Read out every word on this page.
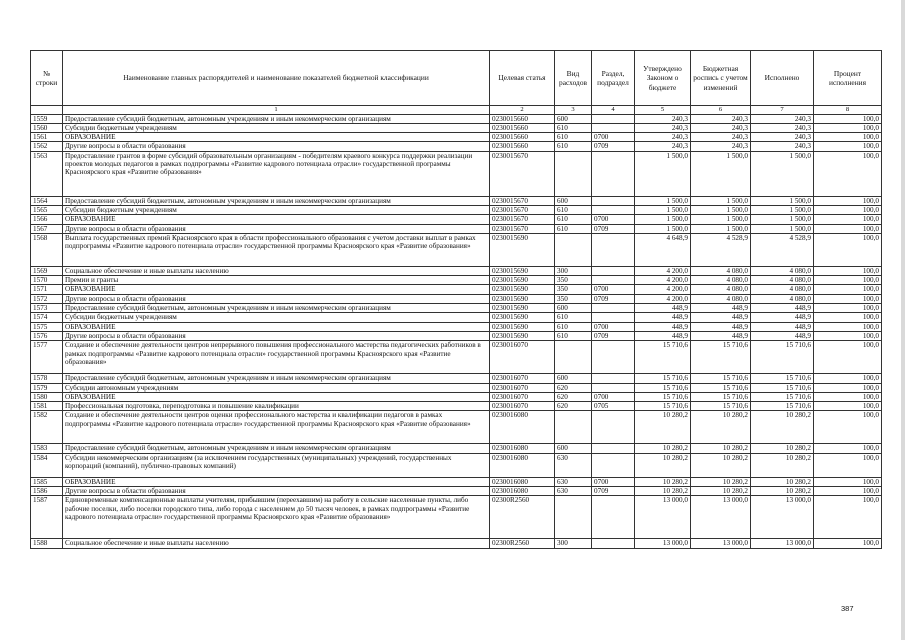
№ строки	Наименование главных распорядителей и наименование показателей бюджетной классификации	Целевая статья	Вид расходов	Раздел, подраздел	Утверждено Законом о бюджете	Бюджетная роспись с учетом изменений	Исполнено	Процент исполнения
	1	2	3	4	5	6	7	8
1559	Предоставление субсидий бюджетным, автономным учреждениям и иным некоммерческим организациям	0230015660	600		240,3	240,3	240,3	100,0
1560	Субсидии бюджетным учреждениям	0230015660	610		240,3	240,3	240,3	100,0
1561	ОБРАЗОВАНИЕ	0230015660	610	0700	240,3	240,3	240,3	100,0
1562	Другие вопросы в области образования	0230015660	610	0709	240,3	240,3	240,3	100,0
1563	Предоставление грантов в форме субсидий образовательным организациям - победителям краевого конкурса поддержки реализации проектов молодых педагогов в рамках подпрограммы «Развитие кадрового потенциала отрасли» государственной программы Красноярского края «Развитие образования»	0230015670			1 500,0	1 500,0	1 500,0	100,0
1564	Предоставление субсидий бюджетным, автономным учреждениям и иным некоммерческим организациям	0230015670	600		1 500,0	1 500,0	1 500,0	100,0
1565	Субсидии бюджетным учреждениям	0230015670	610		1 500,0	1 500,0	1 500,0	100,0
1566	ОБРАЗОВАНИЕ	0230015670	610	0700	1 500,0	1 500,0	1 500,0	100,0
1567	Другие вопросы в области образования	0230015670	610	0709	1 500,0	1 500,0	1 500,0	100,0
1568	Выплата государственных премий Красноярского края в области профессионального образования с учетом доставки выплат в рамках подпрограммы «Развитие кадрового потенциала отрасли» государственной программы Красноярского края «Развитие образования»	0230015690			4 648,9	4 528,9	4 528,9	100,0
1569	Социальное обеспечение и иные выплаты населению	0230015690	300		4 200,0	4 080,0	4 080,0	100,0
1570	Премии и гранты	0230015690	350		4 200,0	4 080,0	4 080,0	100,0
1571	ОБРАЗОВАНИЕ	0230015690	350	0700	4 200,0	4 080,0	4 080,0	100,0
1572	Другие вопросы в области образования	0230015690	350	0709	4 200,0	4 080,0	4 080,0	100,0
1573	Предоставление субсидий бюджетным, автономным учреждениям и иным некоммерческим организациям	0230015690	600		448,9	448,9	448,9	100,0
1574	Субсидии бюджетным учреждениям	0230015690	610		448,9	448,9	448,9	100,0
1575	ОБРАЗОВАНИЕ	0230015690	610	0700	448,9	448,9	448,9	100,0
1576	Другие вопросы в области образования	0230015690	610	0709	448,9	448,9	448,9	100,0
1577	Создание и обеспечение деятельности центров непрерывного повышения профессионального мастерства педагогических работников в рамках подпрограммы «Развитие кадрового потенциала отрасли» государственной программы Красноярского края «Развитие образования»	0230016070			15 710,6	15 710,6	15 710,6	100,0
1578	Предоставление субсидий бюджетным, автономным учреждениям и иным некоммерческим организациям	0230016070	600		15 710,6	15 710,6	15 710,6	100,0
1579	Субсидии автономным учреждениям	0230016070	620		15 710,6	15 710,6	15 710,6	100,0
1580	ОБРАЗОВАНИЕ	0230016070	620	0700	15 710,6	15 710,6	15 710,6	100,0
1581	Профессиональная подготовка, переподготовка и повышение квалификации	0230016070	620	0705	15 710,6	15 710,6	15 710,6	100,0
1582	Создание и обеспечение деятельности центров оценки профессионального мастерства и квалификации педагогов в рамках подпрограммы «Развитие кадрового потенциала отрасли» государственной программы Красноярского края «Развитие образования»	0230016080			10 280,2	10 280,2	10 280,2	100,0
1583	Предоставление субсидий бюджетным, автономным учреждениям и иным некоммерческим организациям	0230016080	600		10 280,2	10 280,2	10 280,2	100,0
1584	Субсидии некоммерческим организациям (за исключением государственных (муниципальных) учреждений, государственных корпораций (компаний), публично-правовых компаний)	0230016080	630		10 280,2	10 280,2	10 280,2	100,0
1585	ОБРАЗОВАНИЕ	0230016080	630	0700	10 280,2	10 280,2	10 280,2	100,0
1586	Другие вопросы в области образования	0230016080	630	0709	10 280,2	10 280,2	10 280,2	100,0
1587	Единовременные компенсационные выплаты учителям, прибывшим (переехавшим) на работу в сельские населенные пункты, либо рабочие поселки, либо поселки городского типа, либо города с населением до 50 тысяч человек, в рамках подпрограммы «Развитие кадрового потенциала отрасли» государственной программы Красноярского края «Развитие образования»	02300R2560			13 000,0	13 000,0	13 000,0	100,0
1588	Социальное обеспечение и иные выплаты населению	02300R2560	300		13 000,0	13 000,0	13 000,0	100,0
387
